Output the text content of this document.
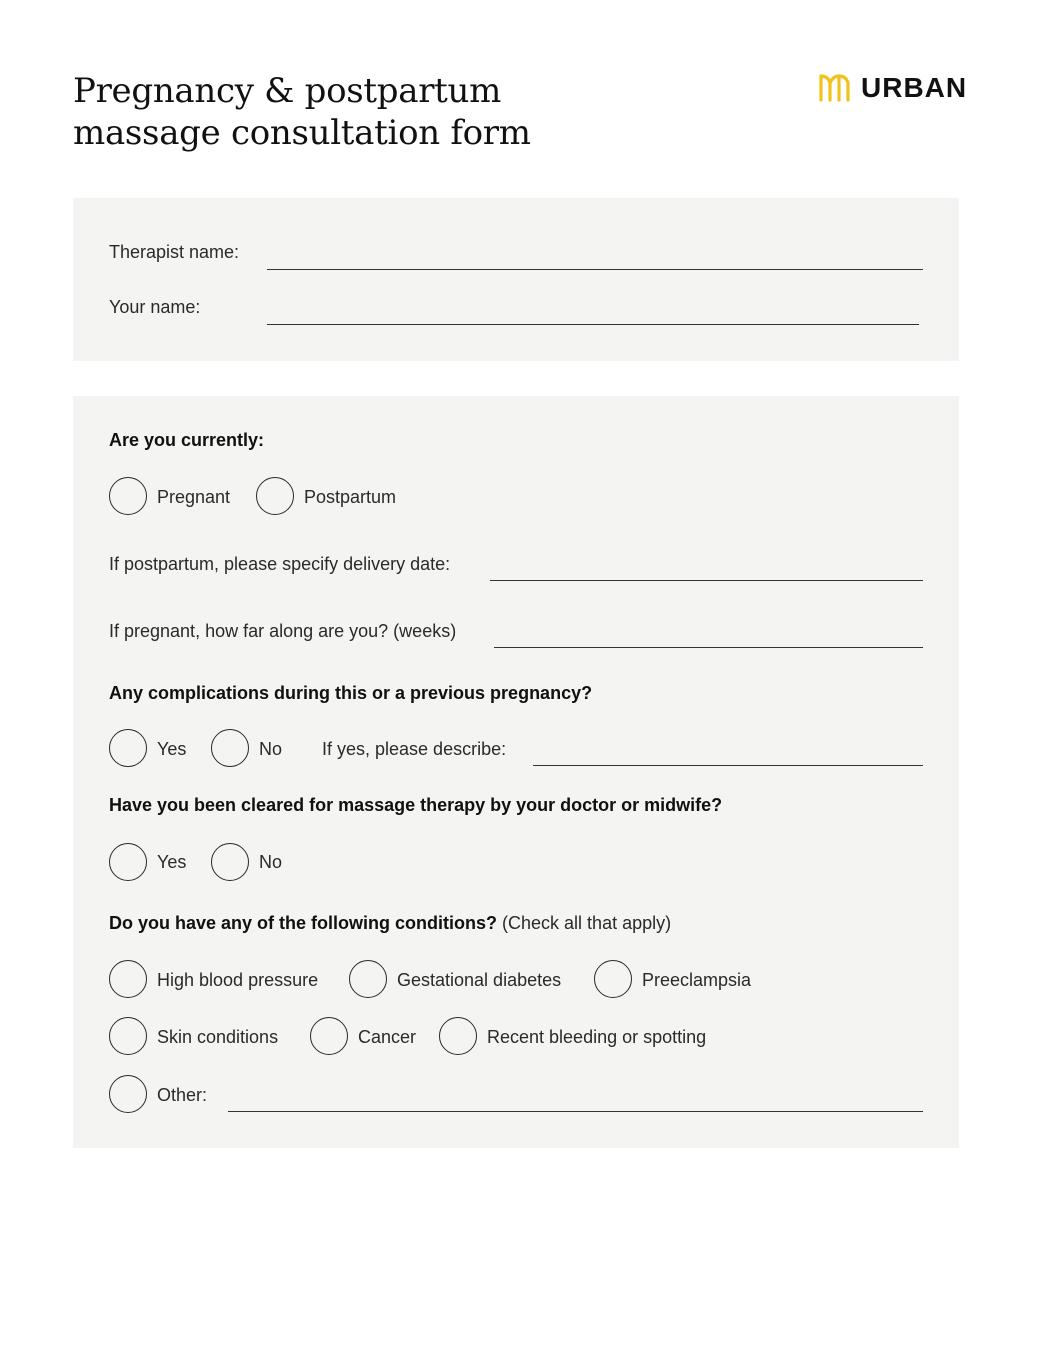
Pregnancy & postpartum
massage consultation form
URBAN
Therapist name:
Your name:
Are you currently:
Pregnant	Postpartum
If postpartum, please specify delivery date:
If pregnant, how far along are you? (weeks)
Any complications during this or a previous pregnancy?
Yes	No If yes, please describe:
Have you been cleared for massage therapy by your doctor or midwife?
Yes	No
Do you have any of the following conditions? (Check all that apply)
High blood pressure	Gestational diabetes	Preeclampsia
Skin conditions	Cancer	Recent bleeding or spotting
Other:
